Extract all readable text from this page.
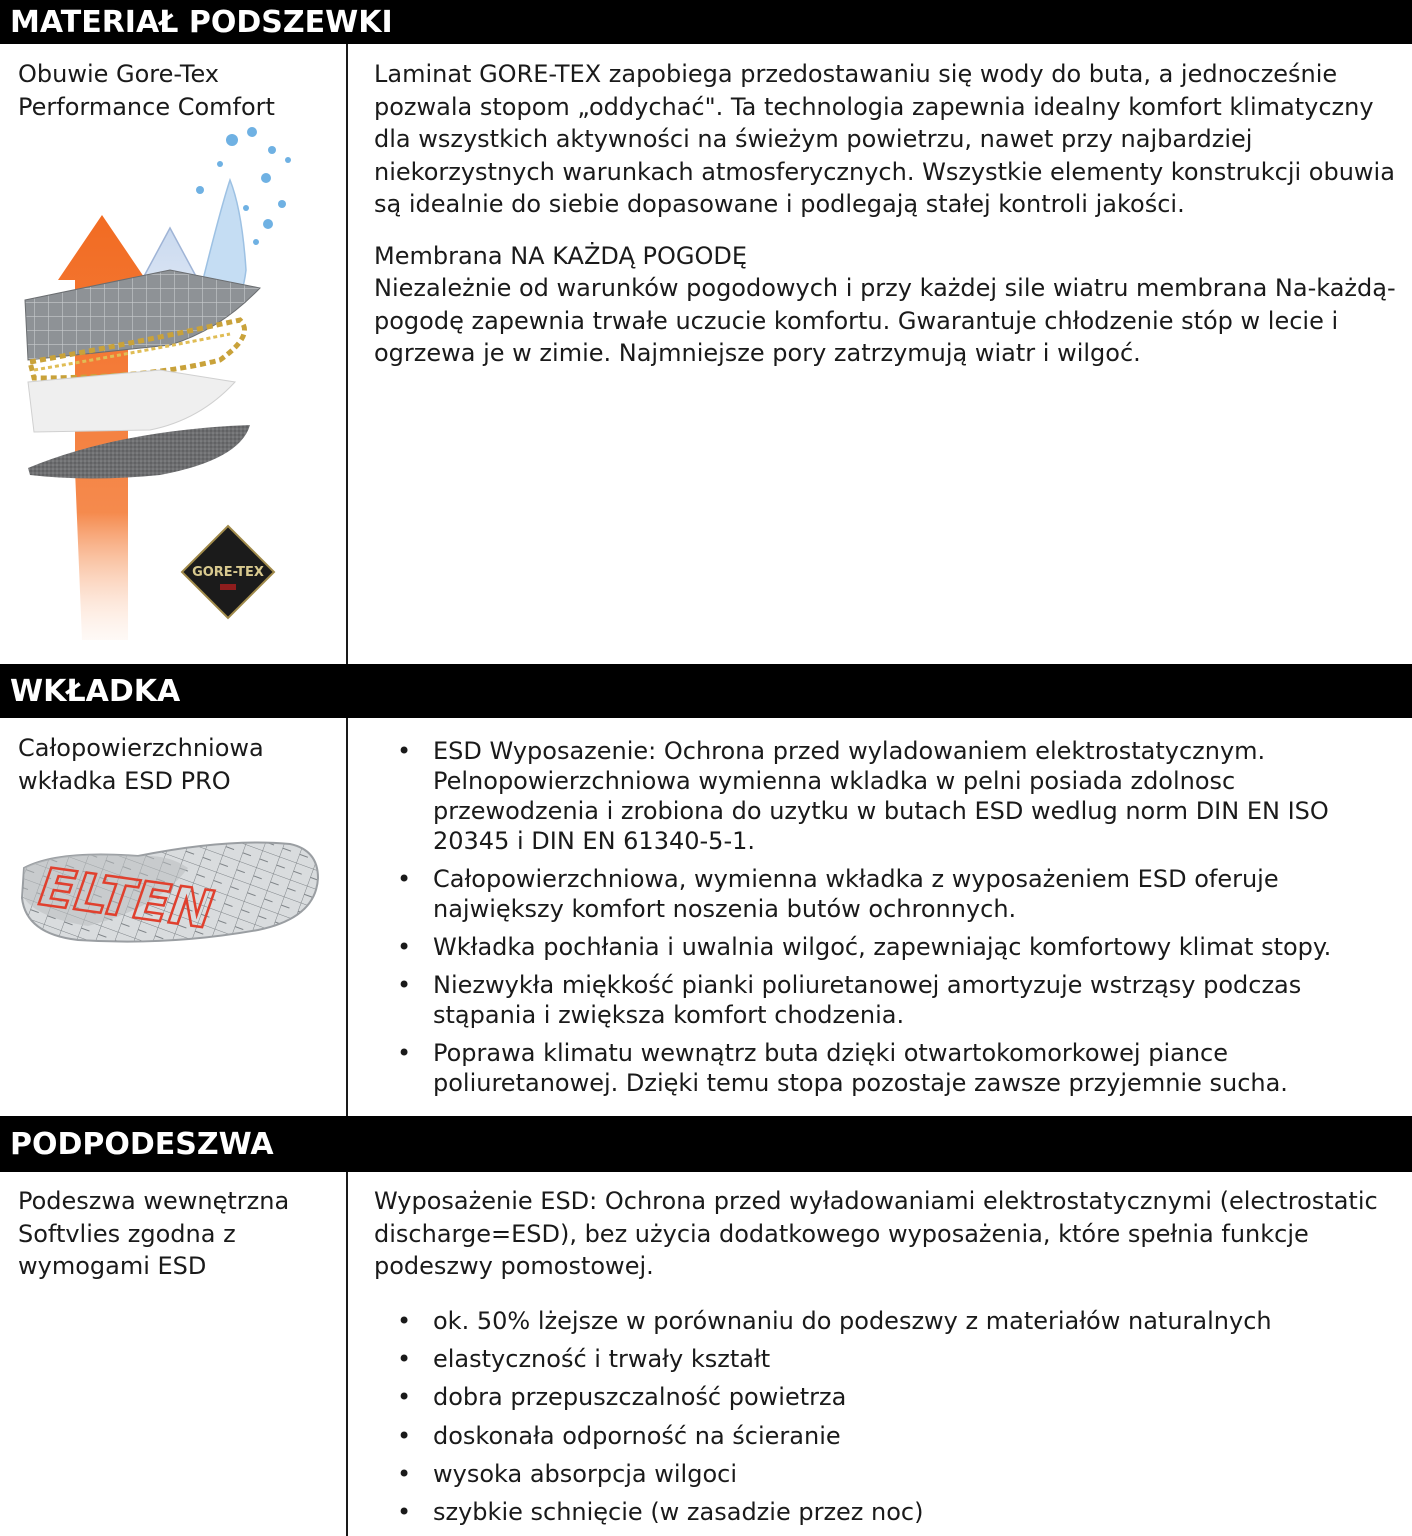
MATERIAŁ PODSZEWKI
Obuwie Gore-Tex
Performance Comfort
GORE-TEX

Laminat GORE-TEX zapobiega przedostawaniu się wody do buta, a jednocześnie pozwala stopom „oddychać". Ta technologia zapewnia idealny komfort klimatyczny dla wszystkich aktywności na świeżym powietrzu, nawet przy najbardziej niekorzystnych warunkach atmosferycznych. Wszystkie elementy konstrukcji obuwia są idealnie do siebie dopasowane i podlegają stałej kontroli jakości.

Membrana NA KAŻDĄ POGODĘ

Niezależnie od warunków pogodowych i przy każdej sile wiatru membrana Na-każdą-pogodę zapewnia trwałe uczucie komfortu. Gwarantuje chłodzenie stóp w lecie i ogrzewa je w zimie. Najmniejsze pory zatrzymują wiatr i wilgoć.

WKŁADKA
Całopowierzchniowa
wkładka ESD PRO
ELTEN
• ESD Wyposazenie: Ochrona przed wyladowaniem elektrostatycznym. Pelnopowierzchniowa wymienna wkladka w pelni posiada zdolnosc przewodzenia i zrobiona do uzytku w butach ESD wedlug norm DIN EN ISO 20345 i DIN EN 61340-5-1.
• Całopowierzchniowa, wymienna wkładka z wyposażeniem ESD oferuje największy komfort noszenia butów ochronnych.
• Wkładka pochłania i uwalnia wilgoć, zapewniając komfortowy klimat stopy.
• Niezwykła miękkość pianki poliuretanowej amortyzuje wstrząsy podczas stąpania i zwiększa komfort chodzenia.
• Poprawa klimatu wewnątrz buta dzięki otwartokomorkowej piance poliuretanowej. Dzięki temu stopa pozostaje zawsze przyjemnie sucha.
PODPODESZWA
Podeszwa wewnętrzna
Softvlies zgodna z
wymogami ESD

Wyposażenie ESD: Ochrona przed wyładowaniami elektrostatycznymi (electrostatic discharge=ESD), bez użycia dodatkowego wyposażenia, które spełnia funkcje podeszwy pomostowej.

• ok. 50% lżejsze w porównaniu do podeszwy z materiałów naturalnych
• elastyczność i trwały kształt
• dobra przepuszczalność powietrza
• doskonała odporność na ścieranie
• wysoka absorpcja wilgoci
• szybkie schnięcie (w zasadzie przez noc)
